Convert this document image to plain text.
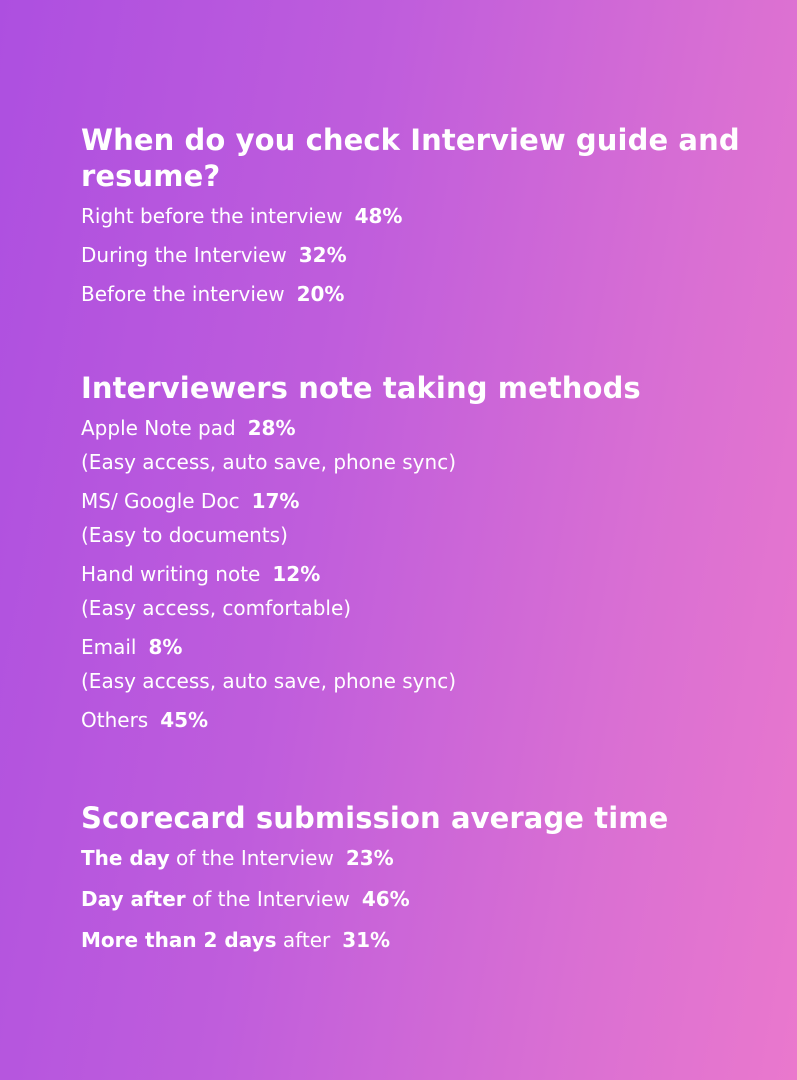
When do you check Interview guide and resume?
Right before the interview 48%
During the Interview 32%
Before the interview 20%
Interviewers note taking methods
Apple Note pad 28%
(Easy access, auto save, phone sync)
MS/ Google Doc 17%
(Easy to documents)
Hand writing note 12%
(Easy access, comfortable)
Email 8%
(Easy access, auto save, phone sync)
Others 45%
Scorecard submission average time
The day of the Interview 23%
Day after of the Interview 46%
More than 2 days after 31%
